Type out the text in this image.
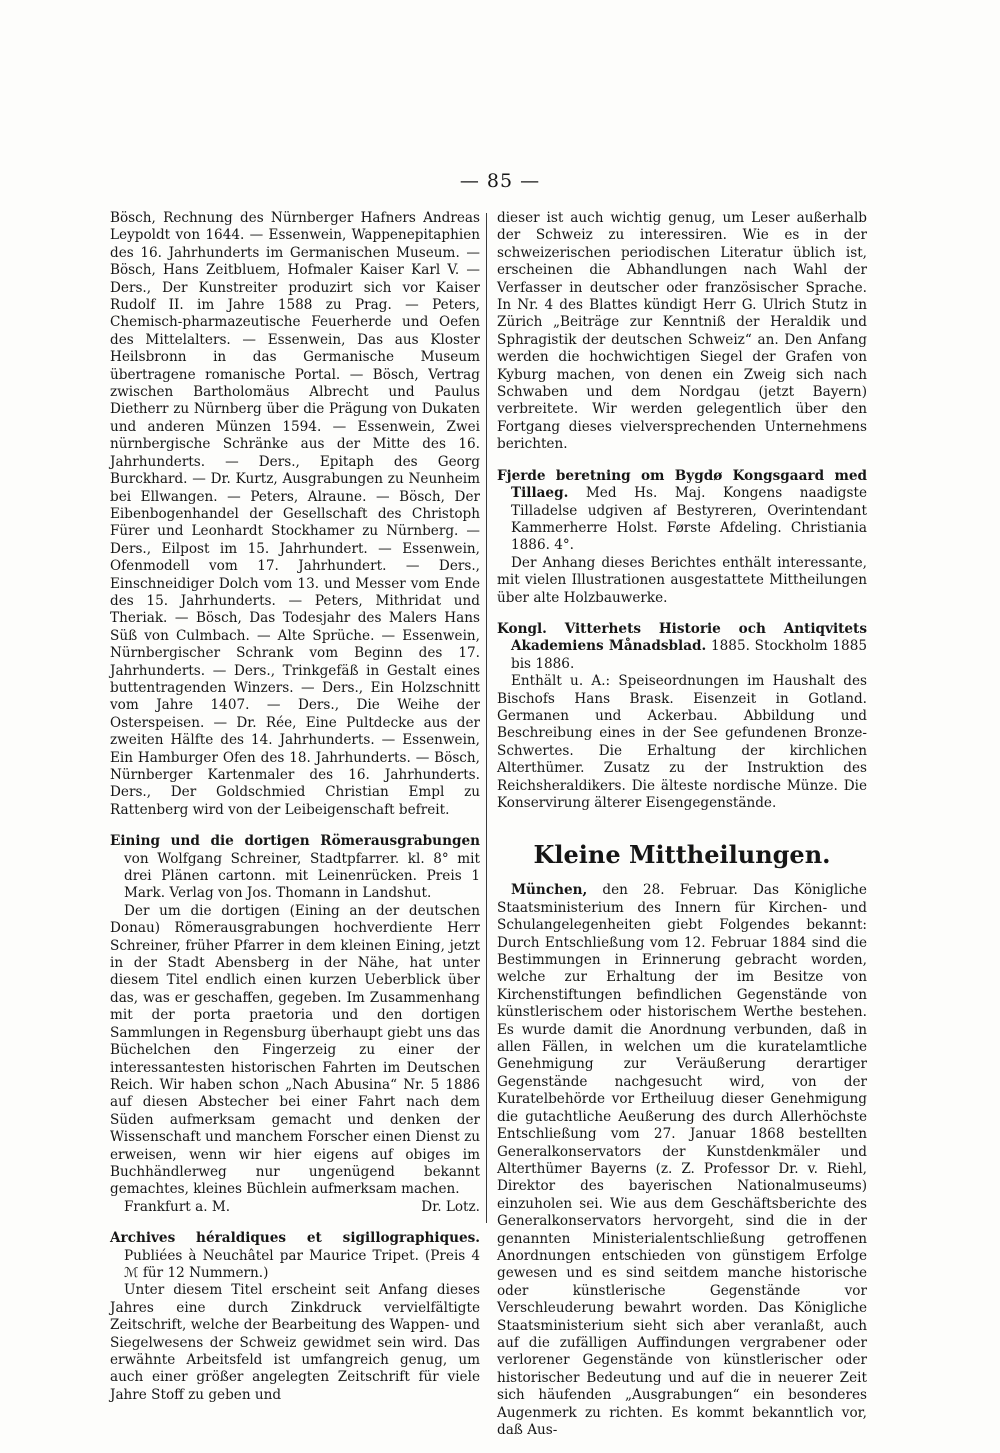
— 85 —

Bösch, Rechnung des Nürnberger Hafners Andreas Leypoldt von 1644. — Essenwein, Wappenepitaphien des 16. Jahrhunderts im Germanischen Museum. — Bösch, Hans Zeitbluem, Hofmaler Kaiser Karl V. — Ders., Der Kunstreiter produzirt sich vor Kaiser Rudolf II. im Jahre 1588 zu Prag. — Peters, Chemisch-pharmazeutische Feuerherde und Oefen des Mittelalters. — Essenwein, Das aus Kloster Heilsbronn in das Germanische Museum übertragene romanische Portal. — Bösch, Vertrag zwischen Bartholomäus Albrecht und Paulus Dietherr zu Nürnberg über die Prägung von Dukaten und anderen Münzen 1594. — Essenwein, Zwei nürnbergische Schränke aus der Mitte des 16. Jahrhunderts. — Ders., Epitaph des Georg Burckhard. — Dr. Kurtz, Ausgrabungen zu Neunheim bei Ellwangen. — Peters, Alraune. — Bösch, Der Eibenbogenhandel der Gesellschaft des Christoph Fürer und Leonhardt Stockhamer zu Nürnberg. — Ders., Eilpost im 15. Jahrhundert. — Essenwein, Ofenmodell vom 17. Jahrhundert. — Ders., Einschneidiger Dolch vom 13. und Messer vom Ende des 15. Jahrhunderts. — Peters, Mithridat und Theriak. — Bösch, Das Todesjahr des Malers Hans Süß von Culmbach. — Alte Sprüche. — Essenwein, Nürnbergischer Schrank vom Beginn des 17. Jahrhunderts. — Ders., Trinkgefäß in Gestalt eines buttentragenden Winzers. — Ders., Ein Holzschnitt vom Jahre 1407. — Ders., Die Weihe der Osterspeisen. — Dr. Rée, Eine Pultdecke aus der zweiten Hälfte des 14. Jahrhunderts. — Essenwein, Ein Hamburger Ofen des 18. Jahrhunderts. — Bösch, Nürnberger Kartenmaler des 16. Jahrhunderts. Ders., Der Goldschmied Christian Empl zu Rattenberg wird von der Leibeigenschaft befreit.

Eining und die dortigen Römerausgrabungen von Wolfgang Schreiner, Stadtpfarrer. kl. 8° mit drei Plänen cartonn. mit Leinenrücken. Preis 1 Mark. Verlag von Jos. Thomann in Landshut.

Der um die dortigen (Eining an der deutschen Donau) Römerausgrabungen hochverdiente Herr Schreiner, früher Pfarrer in dem kleinen Eining, jetzt in der Stadt Abensberg in der Nähe, hat unter diesem Titel endlich einen kurzen Ueberblick über das, was er geschaffen, gegeben. Im Zusammenhang mit der porta praetoria und den dortigen Sammlungen in Regensburg überhaupt giebt uns das Büchelchen den Fingerzeig zu einer der interessantesten historischen Fahrten im Deutschen Reich. Wir haben schon „Nach Abusina“ Nr. 5 1886 auf diesen Abstecher bei einer Fahrt nach dem Süden aufmerksam gemacht und denken der Wissenschaft und manchem Forscher einen Dienst zu erweisen, wenn wir hier eigens auf obiges im Buchhändlerweg nur ungenügend bekannt gemachtes, kleines Büchlein aufmerksam machen.

Frankfurt a. M.	Dr. Lotz.

Archives héraldiques et sigillographiques. Publiées à Neuchâtel par Maurice Tripet. (Preis 4 ℳ für 12 Nummern.)

Unter diesem Titel erscheint seit Anfang dieses Jahres eine durch Zinkdruck vervielfältigte Zeitschrift, welche der Bearbeitung des Wappen- und Siegelwesens der Schweiz gewidmet sein wird. Das erwähnte Arbeitsfeld ist umfangreich genug, um auch einer größer angelegten Zeitschrift für viele Jahre Stoff zu geben und

dieser ist auch wichtig genug, um Leser außerhalb der Schweiz zu interessiren. Wie es in der schweizerischen periodischen Literatur üblich ist, erscheinen die Abhandlungen nach Wahl der Verfasser in deutscher oder französischer Sprache. In Nr. 4 des Blattes kündigt Herr G. Ulrich Stutz in Zürich „Beiträge zur Kenntniß der Heraldik und Sphragistik der deutschen Schweiz“ an. Den Anfang werden die hochwichtigen Siegel der Grafen von Kyburg machen, von denen ein Zweig sich nach Schwaben und dem Nordgau (jetzt Bayern) verbreitete. Wir werden gelegentlich über den Fortgang dieses vielversprechenden Unternehmens berichten.

Fjerde beretning om Bygdø Kongsgaard med Tillaeg. Med Hs. Maj. Kongens naadigste Tilladelse udgiven af Bestyreren, Overintendant Kammerherre Holst. Første Afdeling. Christiania 1886. 4°.

Der Anhang dieses Berichtes enthält interessante, mit vielen Illustrationen ausgestattete Mittheilungen über alte Holzbauwerke.

Kongl. Vitterhets Historie och Antiqvitets Akademiens Månadsblad. 1885. Stockholm 1885 bis 1886.

Enthält u. A.: Speiseordnungen im Haushalt des Bischofs Hans Brask. Eisenzeit in Gotland. Germanen und Ackerbau. Abbildung und Beschreibung eines in der See gefundenen Bronze-Schwertes. Die Erhaltung der kirchlichen Alterthümer. Zusatz zu der Instruktion des Reichsheraldikers. Die älteste nordische Münze. Die Konservirung älterer Eisengegenstände.

Kleine Mittheilungen.

München, den 28. Februar. Das Königliche Staatsministerium des Innern für Kirchen- und Schulangelegenheiten giebt Folgendes bekannt: Durch Entschließung vom 12. Februar 1884 sind die Bestimmungen in Erinnerung gebracht worden, welche zur Erhaltung der im Besitze von Kirchenstiftungen befindlichen Gegenstände von künstlerischem oder historischem Werthe bestehen. Es wurde damit die Anordnung verbunden, daß in allen Fällen, in welchen um die kuratelamtliche Genehmigung zur Veräußerung derartiger Gegenstände nachgesucht wird, von der Kuratelbehörde vor Ertheiluug dieser Genehmigung die gutachtliche Aeußerung des durch Allerhöchste Entschließung vom 27. Januar 1868 bestellten Generalkonservators der Kunstdenkmäler und Alterthümer Bayerns (z. Z. Professor Dr. v. Riehl, Direktor des bayerischen Nationalmuseums) einzuholen sei. Wie aus dem Geschäftsberichte des Generalkonservators hervorgeht, sind die in der genannten Ministerialentschließung getroffenen Anordnungen entschieden von günstigem Erfolge gewesen und es sind seitdem manche historische oder künstlerische Gegenstände vor Verschleuderung bewahrt worden. Das Königliche Staatsministerium sieht sich aber veranlaßt, auch auf die zufälligen Auffindungen vergrabener oder verlorener Gegenstände von künstlerischer oder historischer Bedeutung und auf die in neuerer Zeit sich häufenden „Ausgrabungen“ ein besonderes Augenmerk zu richten. Es kommt bekanntlich vor, daß Aus-
